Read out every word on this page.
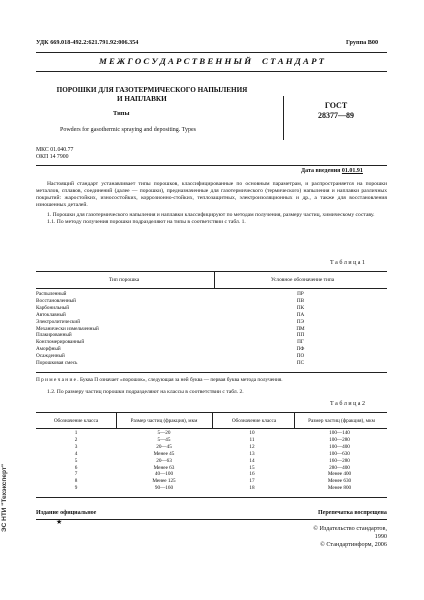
УДК 669.018-492.2:621.791.92:006.354	Группа В00
М Е Ж Г О С У Д А Р С Т В Е Н Н Ы Й     С Т А Н Д А Р Т
ПОРОШКИ ДЛЯ ГАЗОТЕРМИЧЕСКОГО НАПЫЛЕНИЯ
И НАПЛАВКИ
Типы
Powders for gasothermic spraying and depositing. Types
ГОСТ
28377—89
МКС 01.040.77
ОКП 14 7900
Дата введения 01.01.91
Настоящий стандарт устанавливает типы порошков, классифицированные по основным параметрам, и распространяется на порошки металлов, сплавов, соединений (далее — порошки), предназначенные для газотермического (термического) напыления и наплавки различных покрытий: жаростойких, износостойких, коррозионно-стойких, теплозащитных, электроизоляционных и др., а также для восстановления изношенных деталей.
1. Порошки для газотермического напыления и наплавки классифицируют по методам получения, размеру частиц, химическому составу.
1.1. По методу получения порошки подразделяют на типы в соответствии с табл. 1.
Т а б л и ц а 1
Тип порошка	Условное обозначение типа
Распыленный	ПР
Восстановленный	ПВ
Карбонильный	ПК
Автоклавный	ПА
Электролитический	ПЭ
Механически измельченный	ПМ
Плакированный	ПП
Конгломерированный	ПГ
Аморфный	ПФ
Осажденный	ПО
Порошковая смесь	ПС
П р и м е ч а н и е . Буква П означает «порошок», следующая за ней буква — первая буква метода получения.
1.2. По размеру частиц порошки подразделяют на классы в соответствии с табл. 2.
Т а б л и ц а 2
Обозначение класса	Размер частиц (фракция), мкм	Обозначение класса	Размер частиц (фракция), мкм
1	5—20	10	100—140
2	5—45	11	100—280
3	20—45	12	100—400
4	Менее 45	13	100—630
5	20—63	14	160—280
6	Менее 63	15	280—400
7	40—100	16	Менее 400
8	Менее 125	17	Менее 630
9	90—160	18	Менее 800
Издание официальное
★
Перепечатка воспрещена
© Издательство стандартов, 1990
© Стандартинформ, 2006
ЭС НТИ "Техэксперт"
